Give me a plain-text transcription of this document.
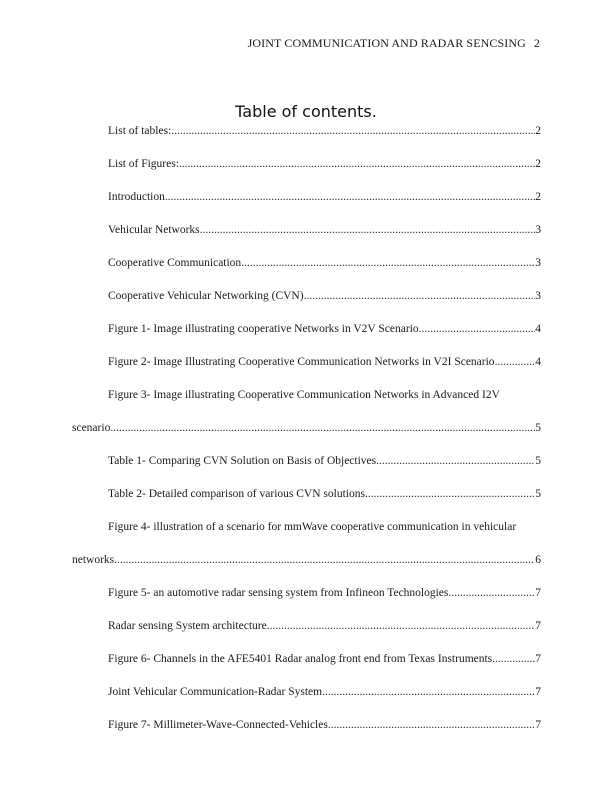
JOINT COMMUNICATION AND RADAR SENCSING 2
Table of contents.
List of tables: .....	2
List of Figures: .....	2
Introduction .....	2
Vehicular Networks .....	3
Cooperative Communication .....	3
Cooperative Vehicular Networking (CVN) .....	3
Figure 1- Image illustrating cooperative Networks in V2V Scenario .....	4
Figure 2- Image Illustrating Cooperative Communication Networks in V2I Scenario .....	4
Figure 3- Image illustrating Cooperative Communication Networks in Advanced I2V
scenario .....	5
Table 1- Comparing CVN Solution on Basis of Objectives .....	5
Table 2- Detailed comparison of various CVN solutions .....	5
Figure 4- illustration of a scenario for mmWave cooperative communication in vehicular
networks .....	6
Figure 5- an automotive radar sensing system from Infineon Technologies .....	7
Radar sensing System architecture .....	7
Figure 6- Channels in the AFE5401 Radar analog front end from Texas Instruments .....	7
Joint Vehicular Communication-Radar System .....	7
Figure 7- Millimeter-Wave-Connected-Vehicles .....	7
